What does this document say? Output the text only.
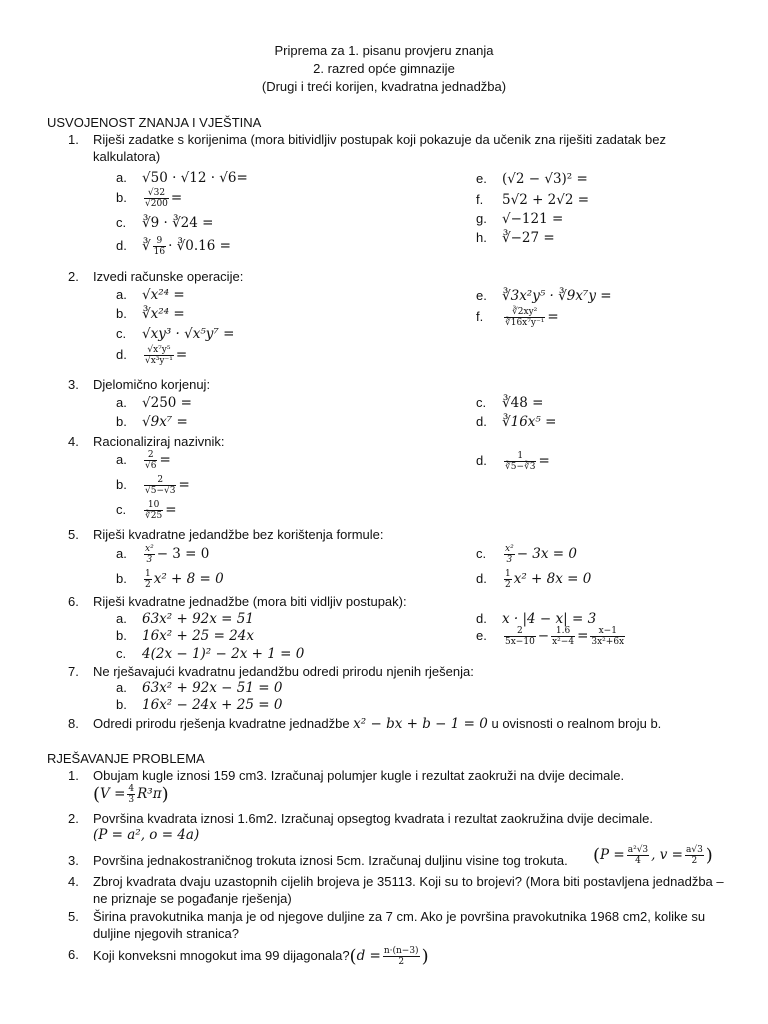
Priprema za 1. pisanu provjeru znanja
2. razred opće gimnazije
(Drugi i treći korijen, kvadratna jednadžba)
USVOJENOST ZNANJA I VJEŠTINA
1. Riješi zadatke s korijenima (mora bitividljiv postupak koji pokazuje da učenik zna riješiti zadatak bez kalkulatora)
a. √50 · √12 · √6=
b. $\frac{√32}{√200}$ =
c. ∛9 · ∛24 =
d. ∛ $\frac{9}{16}$ · ∛0.16 =
e. (√2 − √3)² =
f. 5√2 + 2√2 =
g. √−121 =
h. ∛−27 =
2. Izvedi računske operacije:
a. √x²⁴ =
b. ∛x²⁴ =
c. √xy³ · √x⁵y⁷ =
d. $\frac{\text{√x⁷y⁵}}{\text{√x³y⁻¹}}$ =
e. ∛3x²y⁵ · ∛9x⁷y =
f. $\frac{\text{∛2xy²}}{\text{∛16x⁷y⁻¹}}$ =
3. Djelomično korjenuj:
a. √250 =
b. √9x⁷ =
c. ∛48 =
d. ∛16x⁵ =
4. Racionaliziraj nazivnik:
a. $\frac{2}{√6}$ =
b. $\frac{2}{√5-√3}$ =
c. $\frac{10}{∛25}$ =
d. $\frac{1}{∛5-∛3}$ =
5. Riješi kvadratne jedandžbe bez korištenja formule:
a. $\frac{\text{x²}}{3} - 3 = 0$
b. $\frac{1}{2} x^2 + 8 = 0$
c. $\frac{\text{x²}}{3} - 3x = 0$
d. $\frac{1}{2} x^2 + 8x = 0$
6. Riješi kvadratne jednadžbe (mora biti vidljiv postupak):
a. 63x² + 92x = 51
b. 16x² + 25 = 24x
c. 4(2x − 1)² − 2x + 1 = 0
d. x · |4 − x| = 3
e. $\frac{2}{5x-10} - \frac{1.6}{\text{x²−4}} = \frac{x-1}{\text{3x²+6x}}$
7. Ne rješavajući kvadratnu jedandžbu odredi prirodu njenih rješenja:
a. 63x² + 92x − 51 = 0
b. 16x² − 24x + 25 = 0
8. Odredi prirodu rješenja kvadratne jednadžbe x² − bx + b − 1 = 0 u ovisnosti o realnom broju b.
RJEŠAVANJE PROBLEMA
1. Obujam kugle iznosi 159 cm3. Izračunaj polumjer kugle i rezultat zaokruži na dvije decimale.
$(V = \frac{4}{3} R^3\pi)$
2. Površina kvadrata iznosi 1.6m2. Izračunaj opsegtog kvadrata i rezultat zaokružina dvije decimale.
(P = a², o = 4a)
3. Površina jednakostraničnog trokuta iznosi 5cm. Izračunaj duljinu visine tog trokuta.	($P = \frac{\text{a²√3}}{4}$ , $v = \frac{a√3}{2}$ )
4. Zbroj kvadrata dvaju uzastopnih cijelih brojeva je 35113. Koji su to brojevi? (Mora biti postavljena jednadžba – ne priznaje se pogađanje rješenja)
5. Širina pravokutnika manja je od njegove duljine za 7 cm. Ako je površina pravokutnika 1968 cm2, kolike su duljine njegovih stranica?
6. Koji konveksni mnogokut ima 99 dijagonala?(d = $\frac{n\cdot(n-3)}{2}$ )
